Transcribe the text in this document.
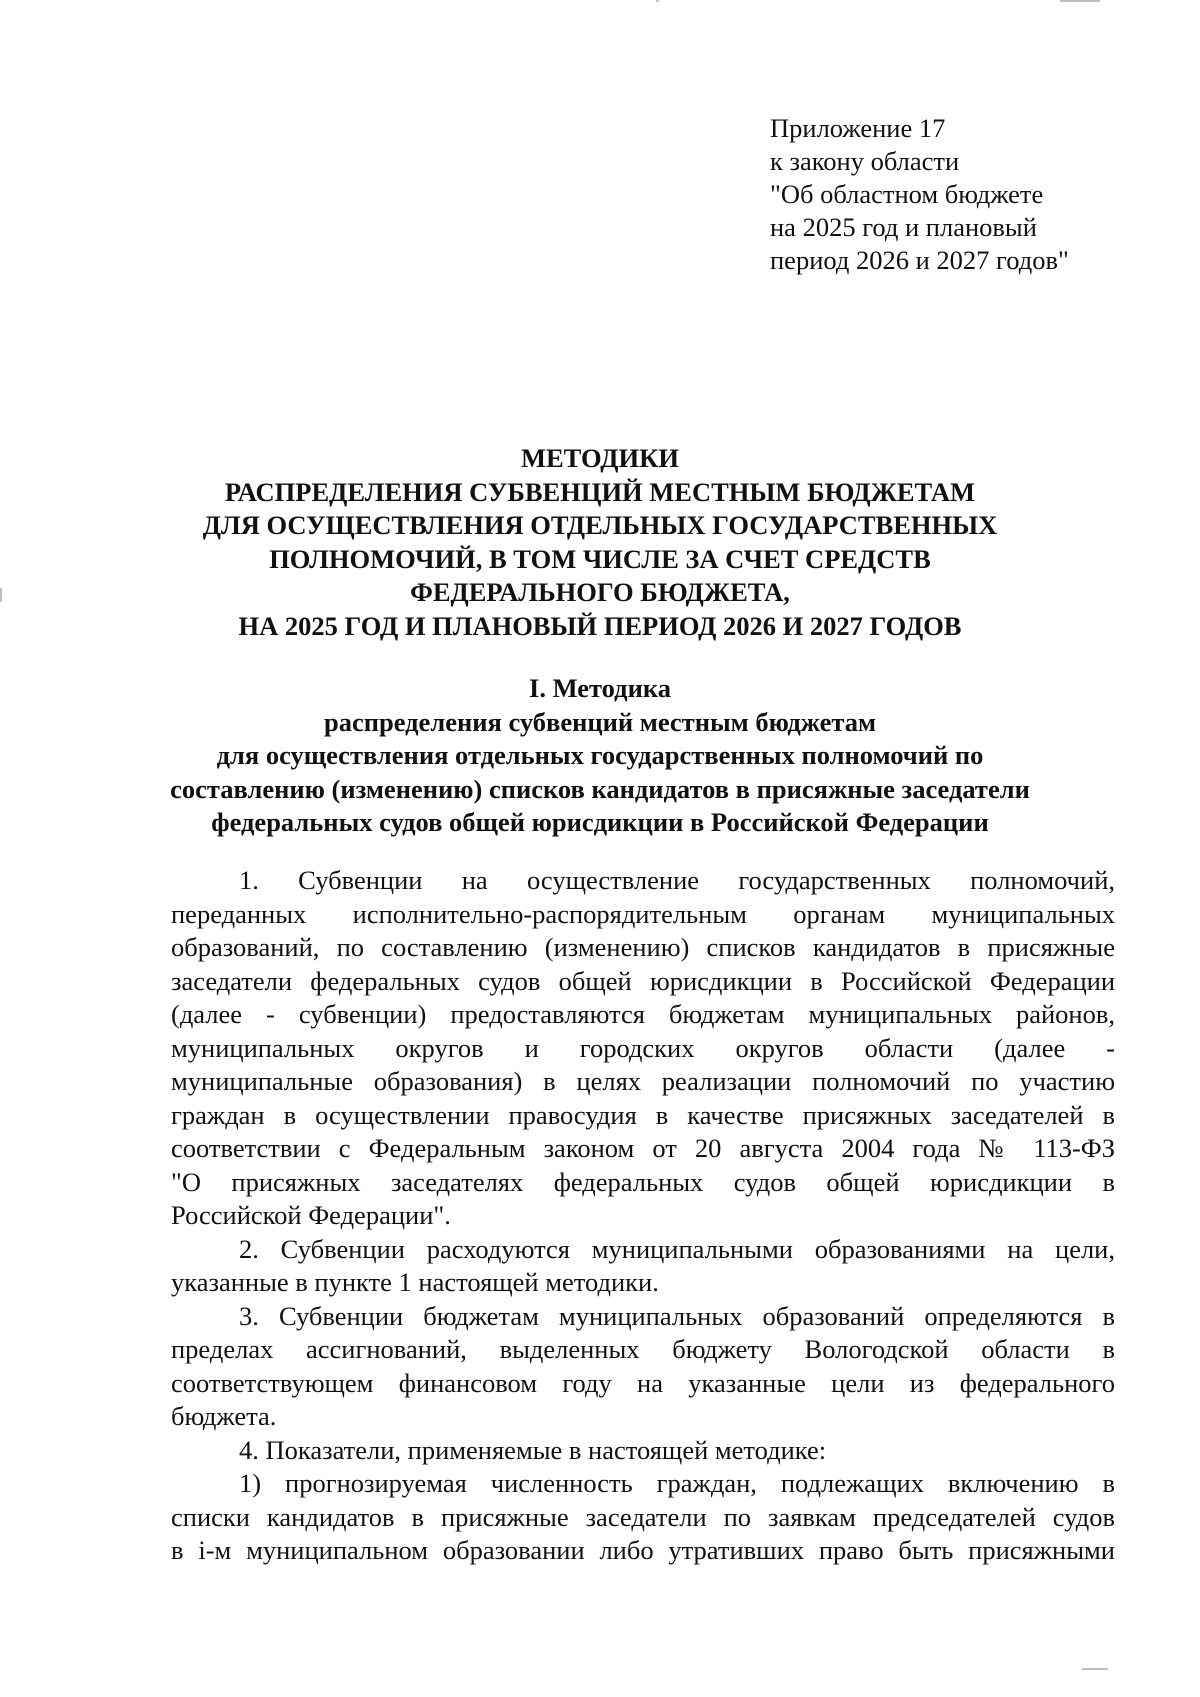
Приложение 17
к закону области
"Об областном бюджете
на 2025 год и плановый
период 2026 и 2027 годов"
МЕТОДИКИ
РАСПРЕДЕЛЕНИЯ СУБВЕНЦИЙ МЕСТНЫМ БЮДЖЕТАМ
ДЛЯ ОСУЩЕСТВЛЕНИЯ ОТДЕЛЬНЫХ ГОСУДАРСТВЕННЫХ
ПОЛНОМОЧИЙ, В ТОМ ЧИСЛЕ ЗА СЧЕТ СРЕДСТВ
ФЕДЕРАЛЬНОГО БЮДЖЕТА,
НА 2025 ГОД И ПЛАНОВЫЙ ПЕРИОД 2026 И 2027 ГОДОВ
I. Методика
распределения субвенций местным бюджетам
для осуществления отдельных государственных полномочий по
составлению (изменению) списков кандидатов в присяжные заседатели
федеральных судов общей юрисдикции в Российской Федерации
1. Субвенции на осуществление государственных полномочий,
переданных исполнительно-распорядительным органам муниципальных
образований, по составлению (изменению) списков кандидатов в присяжные
заседатели федеральных судов общей юрисдикции в Российской Федерации
(далее - субвенции) предоставляются бюджетам муниципальных районов,
муниципальных округов и городских округов области (далее -
муниципальные образования) в целях реализации полномочий по участию
граждан в осуществлении правосудия в качестве присяжных заседателей в
соответствии с Федеральным законом от 20 августа 2004 года № 113-ФЗ
"О присяжных заседателях федеральных судов общей юрисдикции в
Российской Федерации".
2. Субвенции расходуются муниципальными образованиями на цели,
указанные в пункте 1 настоящей методики.
3. Субвенции бюджетам муниципальных образований определяются в
пределах ассигнований, выделенных бюджету Вологодской области в
соответствующем финансовом году на указанные цели из федерального
бюджета.
4. Показатели, применяемые в настоящей методике:
1) прогнозируемая численность граждан, подлежащих включению в
списки кандидатов в присяжные заседатели по заявкам председателей судов
в i-м муниципальном образовании либо утративших право быть присяжными
